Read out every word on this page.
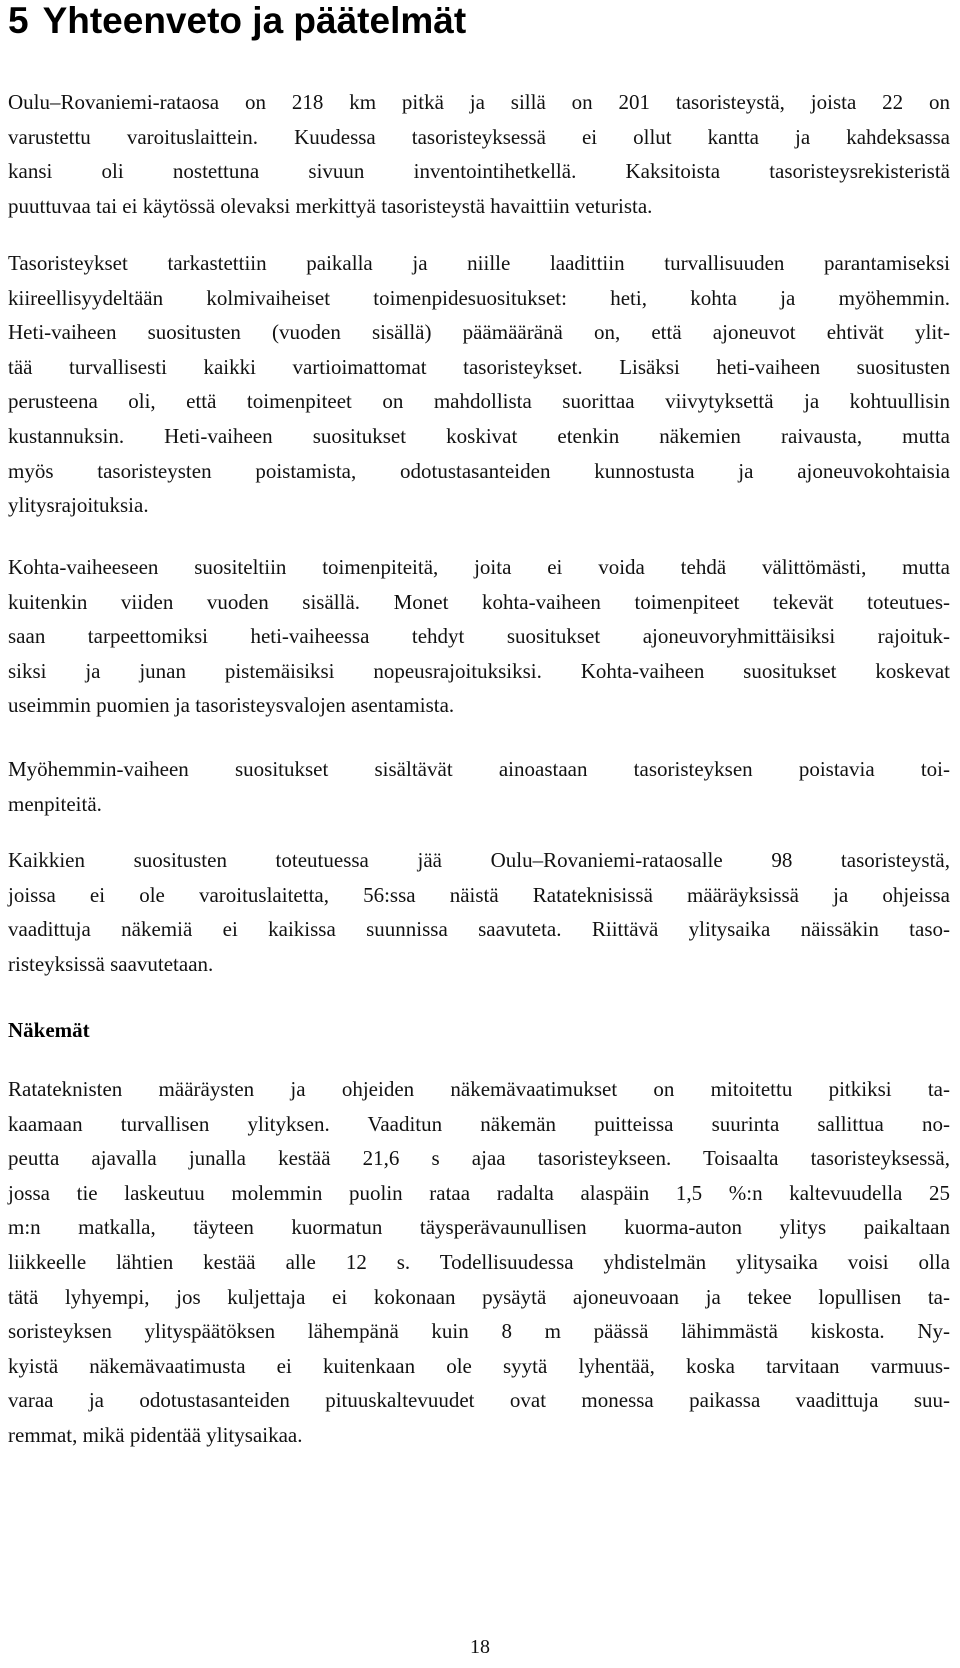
5 Yhteenveto ja päätelmät

Oulu–Rovaniemi-rataosa on 218 km pitkä ja sillä on 201 tasoristeystä, joista 22 on
varustettu varoituslaittein. Kuudessa tasoristeyksessä ei ollut kantta ja kahdeksassa
kansi oli nostettuna sivuun inventointihetkellä. Kaksitoista tasoristeysrekisteristä
puuttuvaa tai ei käytössä olevaksi merkittyä tasoristeystä havaittiin veturista.

Tasoristeykset tarkastettiin paikalla ja niille laadittiin turvallisuuden parantamiseksi
kiireellisyydeltään kolmivaiheiset toimenpidesuositukset: heti, kohta ja myöhemmin.
Heti-vaiheen suositusten (vuoden sisällä) päämääränä on, että ajoneuvot ehtivät ylit-
tää turvallisesti kaikki vartioimattomat tasoristeykset. Lisäksi heti-vaiheen suositusten
perusteena oli, että toimenpiteet on mahdollista suorittaa viivytyksettä ja kohtuullisin
kustannuksin. Heti-vaiheen suositukset koskivat etenkin näkemien raivausta, mutta
myös tasoristeysten poistamista, odotustasanteiden kunnostusta ja ajoneuvokohtaisia
ylitysrajoituksia.

Kohta-vaiheeseen suositeltiin toimenpiteitä, joita ei voida tehdä välittömästi, mutta
kuitenkin viiden vuoden sisällä. Monet kohta-vaiheen toimenpiteet tekevät toteutues-
saan tarpeettomiksi heti-vaiheessa tehdyt suositukset ajoneuvoryhmittäisiksi rajoituk-
siksi ja junan pistemäisiksi nopeusrajoituksiksi. Kohta-vaiheen suositukset koskevat
useimmin puomien ja tasoristeysvalojen asentamista.

Myöhemmin-vaiheen suositukset sisältävät ainoastaan tasoristeyksen poistavia toi-
menpiteitä.

Kaikkien suositusten toteutuessa jää Oulu–Rovaniemi-rataosalle 98 tasoristeystä,
joissa ei ole varoituslaitetta, 56:ssa näistä Ratateknisissä määräyksissä ja ohjeissa
vaadittuja näkemiä ei kaikissa suunnissa saavuteta. Riittävä ylitysaika näissäkin taso-
risteyksissä saavutetaan.

Näkemät

Ratateknisten määräysten ja ohjeiden näkemävaatimukset on mitoitettu pitkiksi ta-
kaamaan turvallisen ylityksen. Vaaditun näkemän puitteissa suurinta sallittua no-
peutta ajavalla junalla kestää 21,6 s ajaa tasoristeykseen. Toisaalta tasoristeyksessä,
jossa tie laskeutuu molemmin puolin rataa radalta alaspäin 1,5 %:n kaltevuudella 25
m:n matkalla, täyteen kuormatun täysperävaunullisen kuorma-auton ylitys paikaltaan
liikkeelle lähtien kestää alle 12 s. Todellisuudessa yhdistelmän ylitysaika voisi olla
tätä lyhyempi, jos kuljettaja ei kokonaan pysäytä ajoneuvoaan ja tekee lopullisen ta-
soristeyksen ylityspäätöksen lähempänä kuin 8 m päässä lähimmästä kiskosta. Ny-
kyistä näkemävaatimusta ei kuitenkaan ole syytä lyhentää, koska tarvitaan varmuus-
varaa ja odotustasanteiden pituuskaltevuudet ovat monessa paikassa vaadittuja suu-
remmat, mikä pidentää ylitysaikaa.

18
